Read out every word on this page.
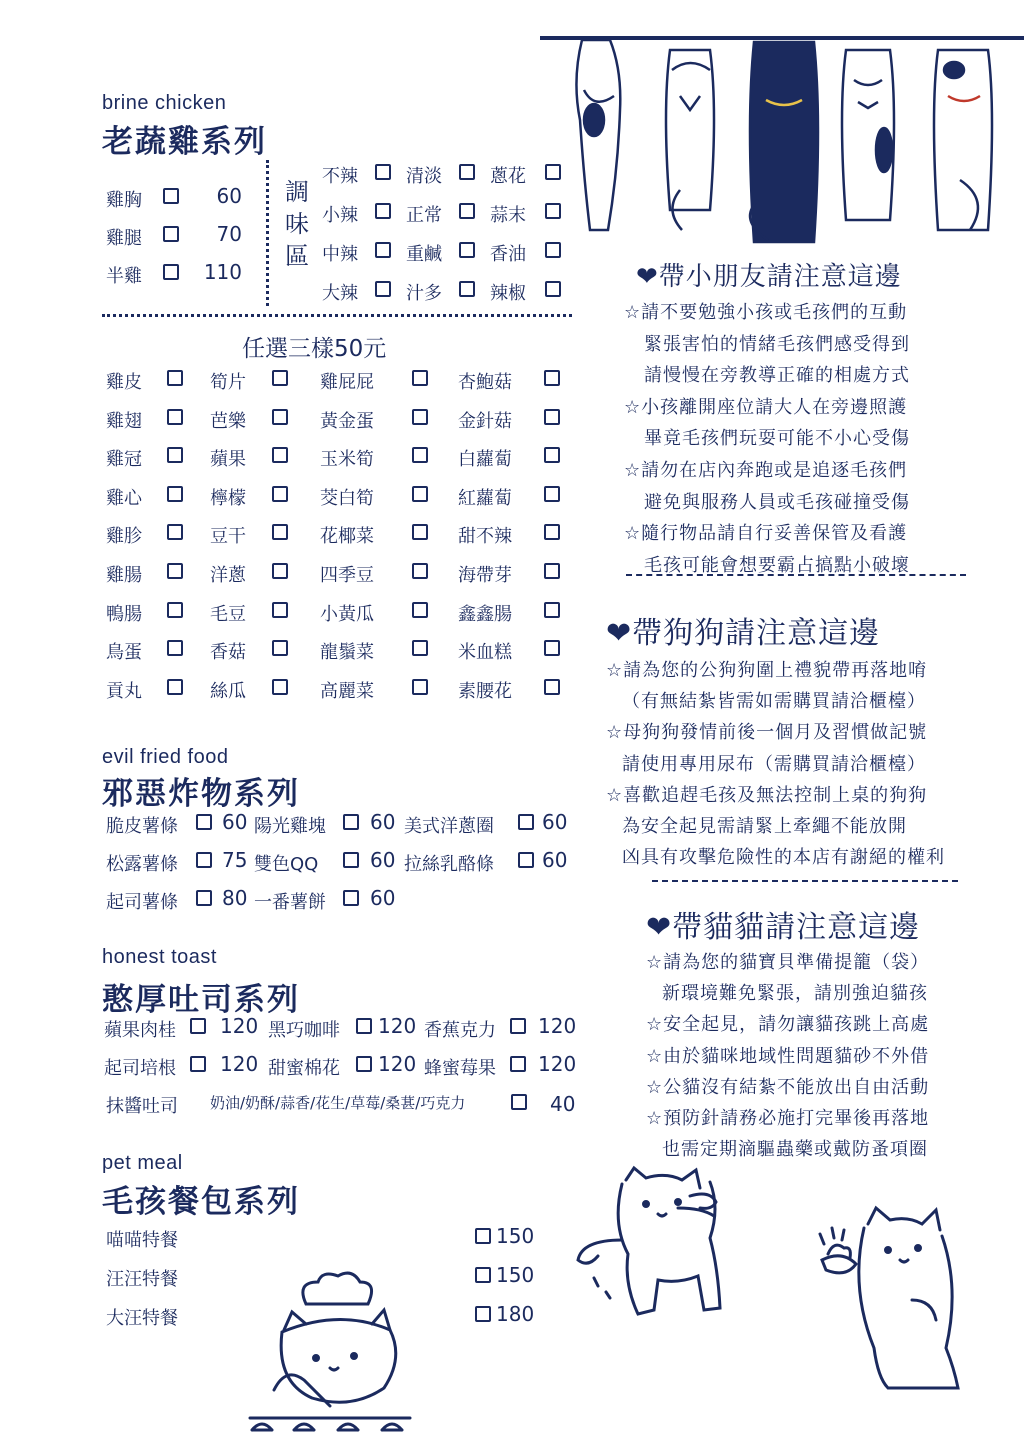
brine chicken
老蔬雞系列
調
味
區
任選三樣50元
evil fried food
邪惡炸物系列
honest toast
憨厚吐司系列
抹醬吐司 奶油/奶酥/蒜香/花生/草莓/桑葚/巧克力	40
pet meal
毛孩餐包系列
❤帶小朋友請注意這邊
❤帶狗狗請注意這邊
❤帶貓貓請注意這邊
雞胸	60
雞腿	70
半雞	110
不辣	清淡	蔥花
小辣	正常	蒜末
中辣	重鹹	香油
大辣	汁多	辣椒
雞皮	筍片	雞屁屁	杏鮑菇
雞翅	芭樂	黃金蛋	金針菇
雞冠	蘋果	玉米筍	白蘿蔔
雞心	檸檬	茭白筍	紅蘿蔔
雞胗	豆干	花椰菜	甜不辣
雞腸	洋蔥	四季豆	海帶芽
鴨腸	毛豆	小黃瓜	鑫鑫腸
鳥蛋	香菇	龍鬚菜	米血糕
貢丸	絲瓜	高麗菜	素腰花
脆皮薯條 60 陽光雞塊 60 美式洋蔥圈 60
松露薯條 75 雙色QQ	60 拉絲乳酪條 60
起司薯條 80 一番薯餅 60
蘋果肉桂 120 黑巧咖啡 120 香蕉克力 120
起司培根 120 甜蜜棉花 120 蜂蜜莓果 120
喵喵特餐	150
汪汪特餐	150
大汪特餐	180
☆請不要勉強小孩或毛孩們的互動
緊張害怕的情緒毛孩們感受得到
請慢慢在旁教導正確的相處方式
☆小孩離開座位請大人在旁邊照護
畢竟毛孩們玩耍可能不小心受傷
☆請勿在店內奔跑或是追逐毛孩們
避免與服務人員或毛孩碰撞受傷
☆隨行物品請自行妥善保管及看護
毛孩可能會想要霸占搞點小破壞
☆請為您的公狗狗圍上禮貌帶再落地唷
（有無結紮皆需如需購買請洽櫃檯）
☆母狗狗發情前後一個月及習慣做記號
請使用專用尿布（需購買請洽櫃檯）
☆喜歡追趕毛孩及無法控制上桌的狗狗
為安全起見需請緊上牽繩不能放開
凶具有攻擊危險性的本店有謝絕的權利
☆請為您的貓寶貝準備提籠（袋）
新環境難免緊張，請別強迫貓孩
☆安全起見，請勿讓貓孩跳上高處
☆由於貓咪地域性問題貓砂不外借
☆公貓沒有結紮不能放出自由活動
☆預防針請務必施打完畢後再落地
也需定期滴驅蟲藥或戴防蚤項圈
